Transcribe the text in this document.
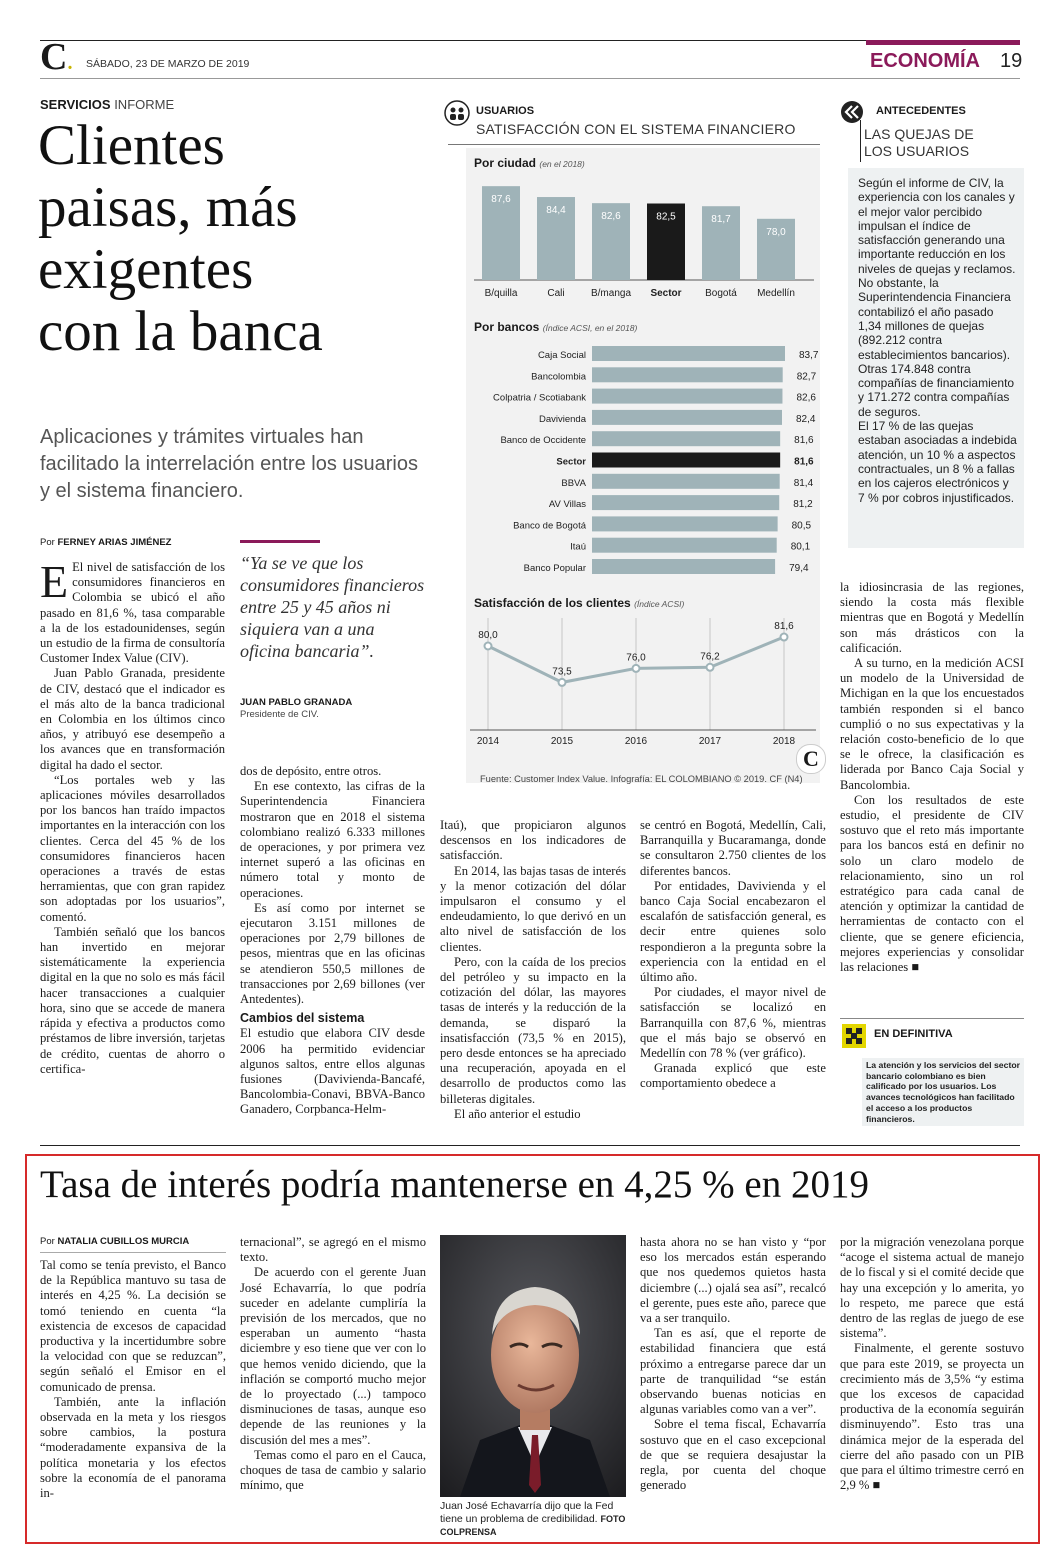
C. SÁBADO, 23 DE MARZO DE 2019	ECONOMÍA 19
SERVICIOS INFORME
Clientes
paisas, más
exigentes
con la banca
Aplicaciones y trámites virtuales han facilitado la interrelación entre los usuarios y el sistema financiero.
Por FERNEY ARIAS JIMÉNEZ

E El nivel de satisfacción de los consumidores financieros en Colombia se ubicó el año pasado en 81,6 %, tasa comparable a la de los estadounidenses, según un estudio de la firma de consultoría Customer Index Value (CIV).

Juan Pablo Granada, presidente de CIV, destacó que el indicador es el más alto de la banca tradicional en Colombia en los últimos cinco años, y atribuyó ese desempeño a los avances que en transformación digital ha dado el sector.

“Los portales web y las aplicaciones móviles desarrollados por los bancos han traído impactos importantes en la interacción con los clientes. Cerca del 45 % de los consumidores financieros hacen operaciones a través de estas herramientas, que con gran rapidez son adoptadas por los usuarios”, comentó.

También señaló que los bancos han invertido en mejorar sistemáticamente la experiencia digital en la que no solo es más fácil hacer transacciones a cualquier hora, sino que se accede de manera rápida y efectiva a productos como préstamos de libre inversión, tarjetas de crédito, cuentas de ahorro o certifica-

“Ya se ve que los consumidores financieros entre 25 y 45 años ni siquiera van a una oficina bancaria”.
JUAN PABLO GRANADA
Presidente de CIV.

dos de depósito, entre otros.

En ese contexto, las cifras de la Superintendencia Financiera mostraron que en 2018 el sistema colombiano realizó 6.333 millones de operaciones, y por primera vez internet superó a las oficinas en número total y monto de operaciones.

Es así como por internet se ejecutaron 3.151 millones de operaciones por 2,79 billones de pesos, mientras que en las oficinas se atendieron 550,5 millones de transacciones por 2,69 billones (ver Antedentes).

Cambios del sistema

El estudio que elabora CIV desde 2006 ha permitido evidenciar algunos saltos, entre ellos algunas fusiones (Davivienda-Bancafé, Bancolombia-Conavi, BBVA-Banco Ganadero, Corpbanca-Helm-

Itaú), que propiciaron algunos descensos en los indicadores de satisfacción.

En 2014, las bajas tasas de interés y la menor cotización del dólar impulsaron el consumo y el endeudamiento, lo que derivó en un alto nivel de satisfacción de los clientes.

Pero, con la caída de los precios del petróleo y su impacto en la cotización del dólar, las mayores tasas de interés y la reducción de la demanda, se disparó la insatisfacción (73,5 % en 2015), pero desde entonces se ha apreciado una recuperación, apoyada en el desarrollo de productos como las billeteras digitales.

El año anterior el estudio

se centró en Bogotá, Medellín, Cali, Barranquilla y Bucaramanga, donde se consultaron 2.750 clientes de los diferentes bancos.

Por entidades, Davivienda y el banco Caja Social encabezaron el escalafón de satisfacción general, es decir entre quienes solo respondieron a la pregunta sobre la experiencia con la entidad en el último año.

Por ciudades, el mayor nivel de satisfacción se localizó en Barranquilla con 87,6 %, mientras que el más bajo se observó en Medellín con 78 % (ver gráfico).

Granada explicó que este comportamiento obedece a

la idiosincrasia de las regiones, siendo la costa más flexible mientras que en Bogotá y Medellín son más drásticos con la calificación.

A su turno, en la medición ACSI un modelo de la Universidad de Michigan en la que los encuestados también responden si el banco cumplió o no sus expectativas y la relación costo-beneficio de lo que se le ofrece, la clasificación es liderada por Banco Caja Social y Bancolombia.

Con los resultados de este estudio, el presidente de CIV sostuvo que el reto más importante para los bancos está en definir no solo un claro modelo de relacionamiento, sino un rol estratégico para cada canal de atención y optimizar la cantidad de herramientas de contacto con el cliente, que se genere eficiencia, mejores experiencias y consolidar las relaciones ■

USUARIOS
SATISFACCIÓN CON EL SISTEMA FINANCIERO
Por ciudad (en el 2018)
87,6
B/quilla
84,4
Cali
82,6
B/manga
82,5
Sector
81,7
Bogotá
78,0
Medellín
Por bancos (Índice ACSI, en el 2018)
Caja Social	83,7
Bancolombia	82,7
Colpatria / Scotiabank	82,6
Davivienda	82,4
Banco de Occidente	81,6
Sector	81,6
BBVA	81,4
AV Villas	81,2
Banco de Bogotá	80,5
Itaú	80,1
Banco Popular	79,4
Satisfacción de los clientes (Índice ACSI)
80,0
2014
73,5
2015
76,0
2016
76,2
2017
81,6
2018
C
Fuente: Customer Index Value. Infografía: EL COLOMBIANO © 2019. CF (N4)
ANTECEDENTES
LAS QUEJAS DE
LOS USUARIOS

Según el informe de CIV, la experiencia con los canales y el mejor valor percibido impulsan el índice de satisfacción generando una importante reducción en los niveles de quejas y reclamos.

No obstante, la Superintendencia Financiera contabilizó el año pasado 1,34 millones de quejas (892.212 contra establecimientos bancarios). Otras 174.848 contra compañías de financiamiento y 171.272 contra compañías de seguros.

El 17 % de las quejas estaban asociadas a indebida atención, un 10 % a aspectos contractuales, un 8 % a fallas en los cajeros electrónicos y 7 % por cobros injustificados.

EN DEFINITIVA
La atención y los servicios del sector bancario colombiano es bien calificado por los usuarios. Los avances tecnológicos han facilitado el acceso a los productos financieros.
Tasa de interés podría mantenerse en 4,25 % en 2019
Por NATALIA CUBILLOS MURCIA

Tal como se tenía previsto, el Banco de la República mantuvo su tasa de interés en 4,25 %. La decisión se tomó teniendo en cuenta “la existencia de excesos de capacidad productiva y la incertidumbre sobre la velocidad con que se reduzcan”, según señaló el Emisor en el comunicado de prensa.

También, ante la inflación observada en la meta y los riesgos sobre cambios, la postura “moderadamente expansiva de la política monetaria y los efectos sobre la economía de el panorama in-

ternacional”, se agregó en el mismo texto.

De acuerdo con el gerente Juan José Echavarría, lo que podría suceder en adelante cumpliría la previsión de los mercados, que no esperaban un aumento “hasta diciembre y eso tiene que ver con lo que hemos venido diciendo, que la inflación se comportó mucho mejor de lo proyectado (...) tampoco disminuciones de tasas, aunque eso depende de las reuniones y la discusión del mes a mes”.

Temas como el paro en el Cauca, choques de tasa de cambio y salario mínimo, que

Juan José Echavarría dijo que la Fed tiene un problema de credibilidad. FOTO COLPRENSA

hasta ahora no se han visto y “por eso los mercados están esperando que nos quedemos quietos hasta diciembre (...) ojalá sea así”, recalcó el gerente, pues este año, parece que va a ser tranquilo.

Tan es así, que el reporte de estabilidad financiera que está próximo a entregarse parece dar un parte de tranquilidad “se están observando buenas noticias en algunas variables como van a ver”.

Sobre el tema fiscal, Echavarría sostuvo que en el caso excepcional de que se requiera desajustar la regla, por cuenta del choque generado

por la migración venezolana porque “acoge el sistema actual de manejo de lo fiscal y si el comité decide que hay una excepción y lo amerita, yo lo respeto, me parece que está dentro de las reglas de juego de ese sistema”.

Finalmente, el gerente sostuvo que para este 2019, se proyecta un crecimiento más de 3,5% “y estima que los excesos de capacidad productiva de la economía seguirán disminuyendo”. Esto tras una dinámica mejor de la esperada del cierre del año pasado con un PIB que para el último trimestre cerró en 2,9 % ■
